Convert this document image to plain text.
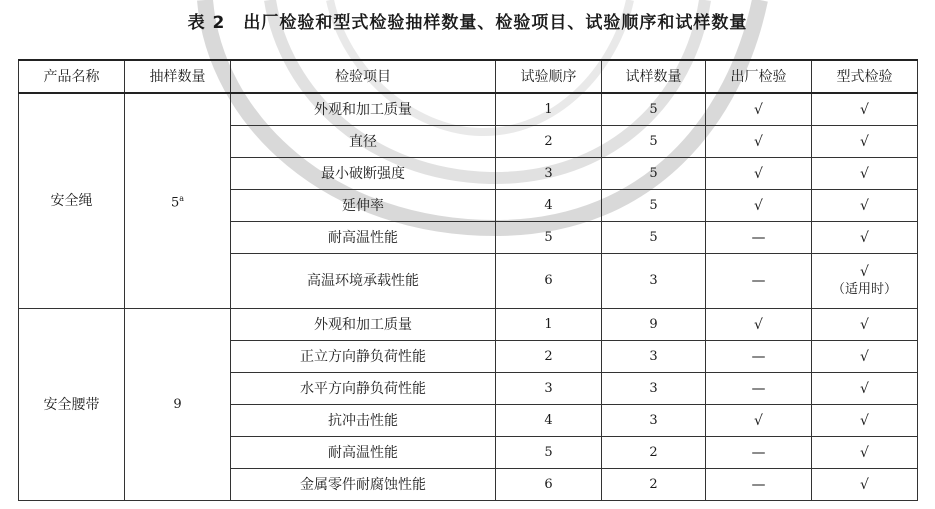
表 2　出厂检验和型式检验抽样数量、检验项目、试验顺序和试样数量
产品名称	抽样数量	检验项目	试验顺序	试样数量	出厂检验	型式检验
安全绳	5$^a$	外观和加工质量	1	5	√	√
		直径	2	5	√	√
		最小破断强度	3	5	√	√
		延伸率	4	5	√	√
		耐高温性能	5	5	—	√
		高温环境承载性能	6	3	—	√
（适用时）

安全腰带	9	外观和加工质量	1	9	√	√
		正立方向静负荷性能	2	3	—	√
		水平方向静负荷性能	3	3	—	√
		抗冲击性能	4	3	√	√
		耐高温性能	5	2	—	√
		金属零件耐腐蚀性能	6	2	—	√
